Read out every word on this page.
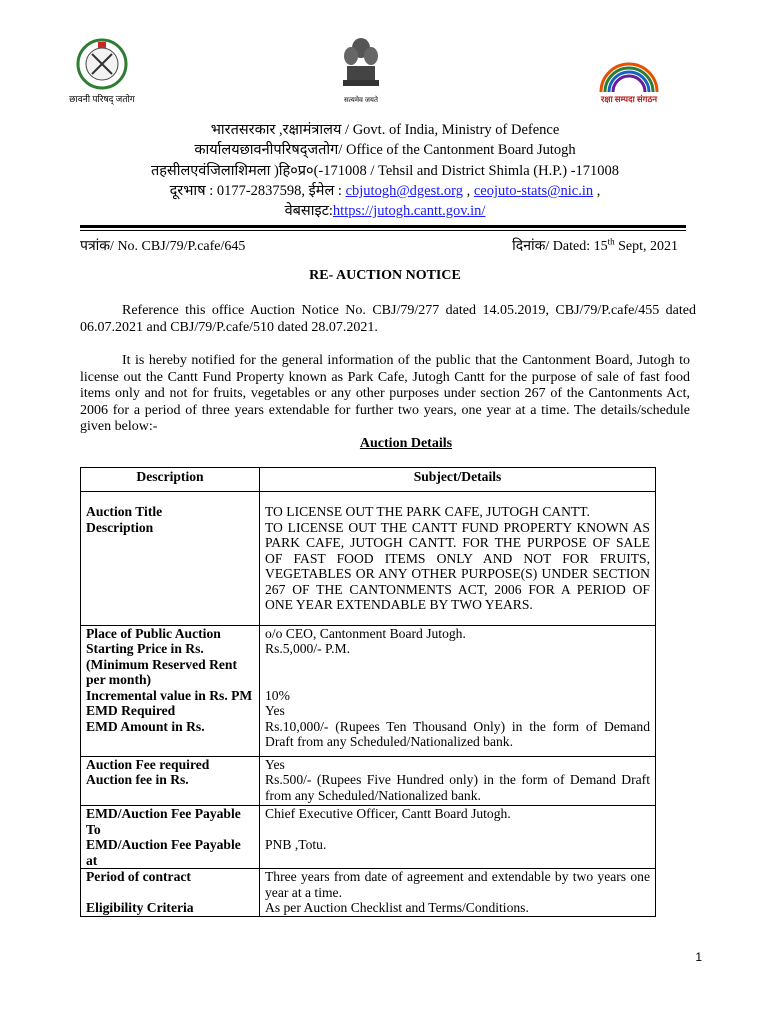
छावनी परिषद् जतोग	सत्यमेव जयते	रक्षा सम्पदा संगठन
भारतसरकार ,रक्षामंत्रालय / Govt. of India, Ministry of Defence
कार्यालयछावनीपरिषद्जतोग/ Office of the Cantonment Board Jutogh
तहसीलएवंजिलाशिमला )हि०प्र०(-171008 / Tehsil and District Shimla (H.P.) -171008
दूरभाष : 0177-2837598, ईमेल : cbjutogh@dgest.org , ceojuto-stats@nic.in ,
वेबसाइट:https://jutogh.cantt.gov.in/
पत्रांक/ No. CBJ/79/P.cafe/645	दिनांक/ Dated: 15th Sept, 2021
RE- AUCTION NOTICE
Reference this office Auction Notice No. CBJ/79/277 dated 14.05.2019, CBJ/79/P.cafe/455 dated 06.07.2021 and CBJ/79/P.cafe/510 dated 28.07.2021.
It is hereby notified for the general information of the public that the Cantonment Board, Jutogh to license out the Cantt Fund Property known as Park Cafe, Jutogh Cantt for the purpose of sale of fast food items only and not for fruits, vegetables or any other purposes under section 267 of the Cantonments Act, 2006 for a period of three years extendable for further two years, one year at a time. The details/schedule given below:-
Auction Details
Description	Subject/Details
Auction Title	TO LICENSE OUT THE PARK CAFE, JUTOGH CANTT.
Description	TO LICENSE OUT THE CANTT FUND PROPERTY KNOWN AS PARK CAFE, JUTOGH CANTT. FOR THE PURPOSE OF SALE OF FAST FOOD ITEMS ONLY AND NOT FOR FRUITS, VEGETABLES OR ANY OTHER PURPOSE(S) UNDER SECTION 267 OF THE CANTONMENTS ACT, 2006 FOR A PERIOD OF ONE YEAR EXTENDABLE BY TWO YEARS.
Place of Public Auction	o/o CEO, Cantonment Board Jutogh.
Starting Price in Rs. (Minimum Reserved Rent per month)	Rs.5,000/- P.M.
Incremental value in Rs. PM	10%
EMD Required	Yes
EMD Amount in Rs.	Rs.10,000/- (Rupees Ten Thousand Only) in the form of Demand Draft from any Scheduled/Nationalized bank.
Auction Fee required	Yes
Auction fee in Rs.	Rs.500/- (Rupees Five Hundred only) in the form of Demand Draft from any Scheduled/Nationalized bank.
EMD/Auction Fee Payable To	Chief Executive Officer, Cantt Board Jutogh.
EMD/Auction Fee Payable at	PNB ,Totu.
Period of contract	Three years from date of agreement and extendable by two years one year at a time.
Eligibility Criteria	As per Auction Checklist and Terms/Conditions.
1
